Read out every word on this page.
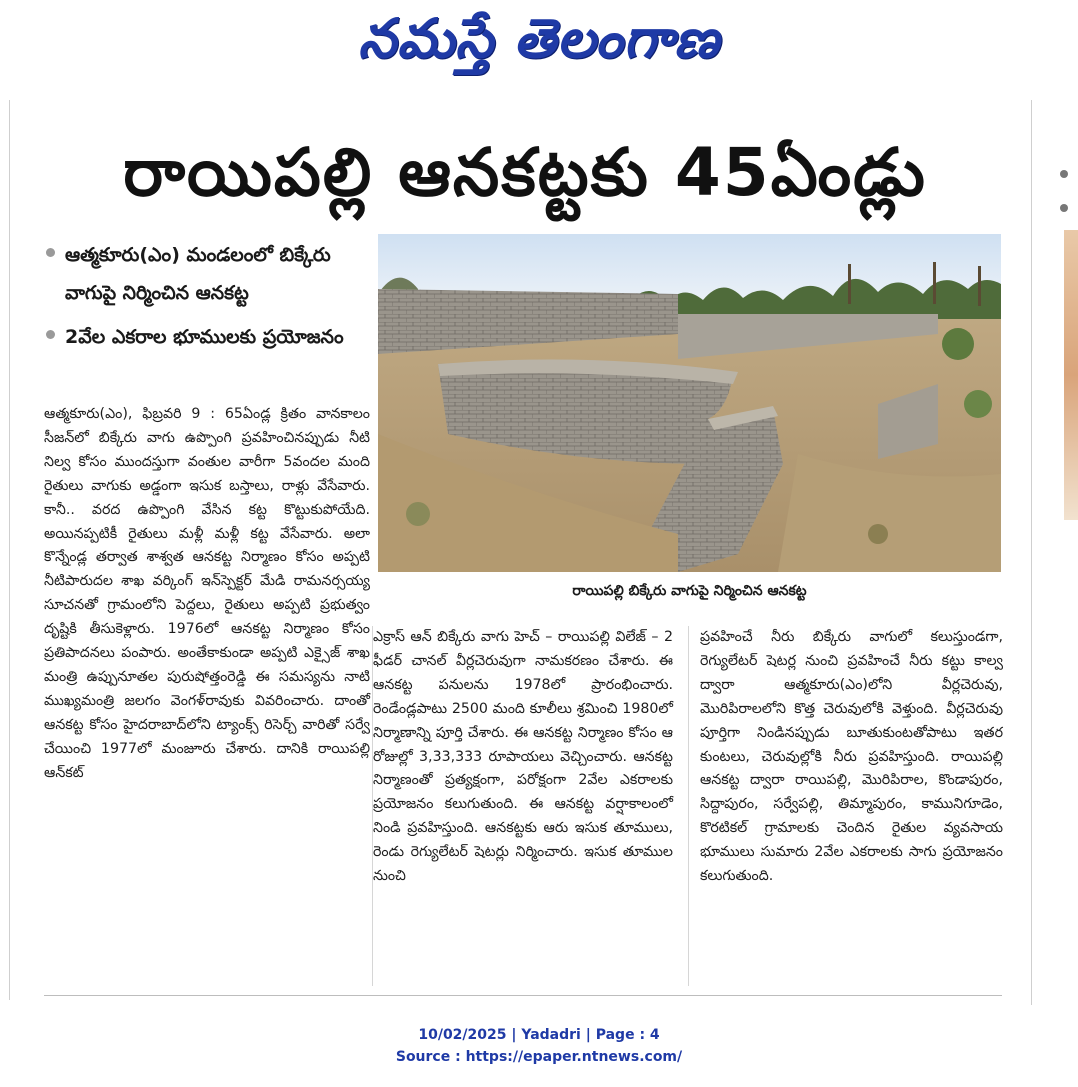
నమస్తే తెలంగాణ
రాయిపల్లి ఆనకట్టకు 45ఏండ్లు
ఆత్మకూరు(ఎం) మండలంలో బిక్కేరు వాగుపై నిర్మించిన ఆనకట్ట
2వేల ఎకరాల భూములకు ప్రయోజనం
రాయిపల్లి బిక్కేరు వాగుపై నిర్మించిన ఆనకట్ట
ఆత్మకూరు(ఎం), ఫిబ్రవరి 9 : 65ఏండ్ల క్రితం వానకాలం సీజన్‌లో బిక్కేరు వాగు ఉప్పొంగి ప్రవహించినప్పుడు నీటి నిల్వ కోసం ముందస్తుగా వంతుల వారీగా 5వందల మంది రైతులు వాగుకు అడ్డంగా ఇసుక బస్తాలు, రాళ్లు వేసేవారు. కానీ.. వరద ఉప్పొంగి వేసిన కట్ట కొట్టుకుపోయేది. అయినప్పటికీ రైతులు మళ్లీ మళ్లీ కట్ట వేసేవారు. అలా కొన్నేండ్ల తర్వాత శాశ్వత ఆనకట్ట నిర్మాణం కోసం అప్పటి నీటిపారుదల శాఖ వర్కింగ్ ఇన్‌స్పెక్టర్ మేడి రామనర్సయ్య సూచనతో గ్రామంలోని పెద్దలు, రైతులు అప్పటి ప్రభుత్వం దృష్టికి తీసుకెళ్లారు. 1976లో ఆనకట్ట నిర్మాణం కోసం ప్రతిపాదనలు పంపారు. అంతేకాకుండా అప్పటి ఎక్సైజ్ శాఖ మంత్రి ఉప్పునూతల పురుషోత్తంరెడ్డి ఈ సమస్యను నాటి ముఖ్యమంత్రి జలగం వెంగళ్‌రావుకు వివరించారు. దాంతో ఆనకట్ట కోసం హైదరాబాద్‌లోని ట్యాంక్స్ రిసెర్చ్ వారితో సర్వే చేయించి 1977లో మంజూరు చేశారు. దానికి రాయిపల్లి ఆన్‌కట్
ఎక్రాస్ ఆన్ బిక్కేరు వాగు హెచ్ – రాయిపల్లి విలేజ్ – 2 ఫీడర్ చానల్ వీర్లచెరువుగా నామకరణం చేశారు. ఈ ఆనకట్ట పనులను 1978లో ప్రారంభించారు. రెండేండ్లపాటు 2500 మంది కూలీలు శ్రమించి 1980లో నిర్మాణాన్ని పూర్తి చేశారు. ఈ ఆనకట్ట నిర్మాణం కోసం ఆ రోజుల్లో 3,33,333 రూపాయలు వెచ్చించారు. ఆనకట్ట నిర్మాణంతో ప్రత్యక్షంగా, పరోక్షంగా 2వేల ఎకరాలకు ప్రయోజనం కలుగుతుంది. ఈ ఆనకట్ట వర్షాకాలంలో నిండి ప్రవహిస్తుంది. ఆనకట్టకు ఆరు ఇసుక తూములు, రెండు రెగ్యులేటర్ షెటర్లు నిర్మించారు. ఇసుక తూముల నుంచి
ప్రవహించే నీరు బిక్కేరు వాగులో కలుస్తుండగా, రెగ్యులేటర్ షెటర్ల నుంచి ప్రవహించే నీరు కట్టు కాల్వ ద్వారా ఆత్మకూరు(ఎం)లోని వీర్లచెరువు, మొరిపిరాలలోని కొత్త చెరువులోకి వెళ్తుంది. వీర్లచెరువు పూర్తిగా నిండినప్పుడు బూతుకుంటతోపాటు ఇతర కుంటలు, చెరువుల్లోకి నీరు ప్రవహిస్తుంది. రాయిపల్లి ఆనకట్ట ద్వారా రాయిపల్లి, మొరిపిరాల, కొండాపురం, సిద్దాపురం, సర్వేపల్లి, తిమ్మాపురం, కామునిగూడెం, కొరటికల్ గ్రామాలకు చెందిన రైతుల వ్యవసాయ భూములు సుమారు 2వేల ఎకరాలకు సాగు ప్రయోజనం కలుగుతుంది.
10/02/2025 | Yadadri | Page : 4
Source : https://epaper.ntnews.com/
